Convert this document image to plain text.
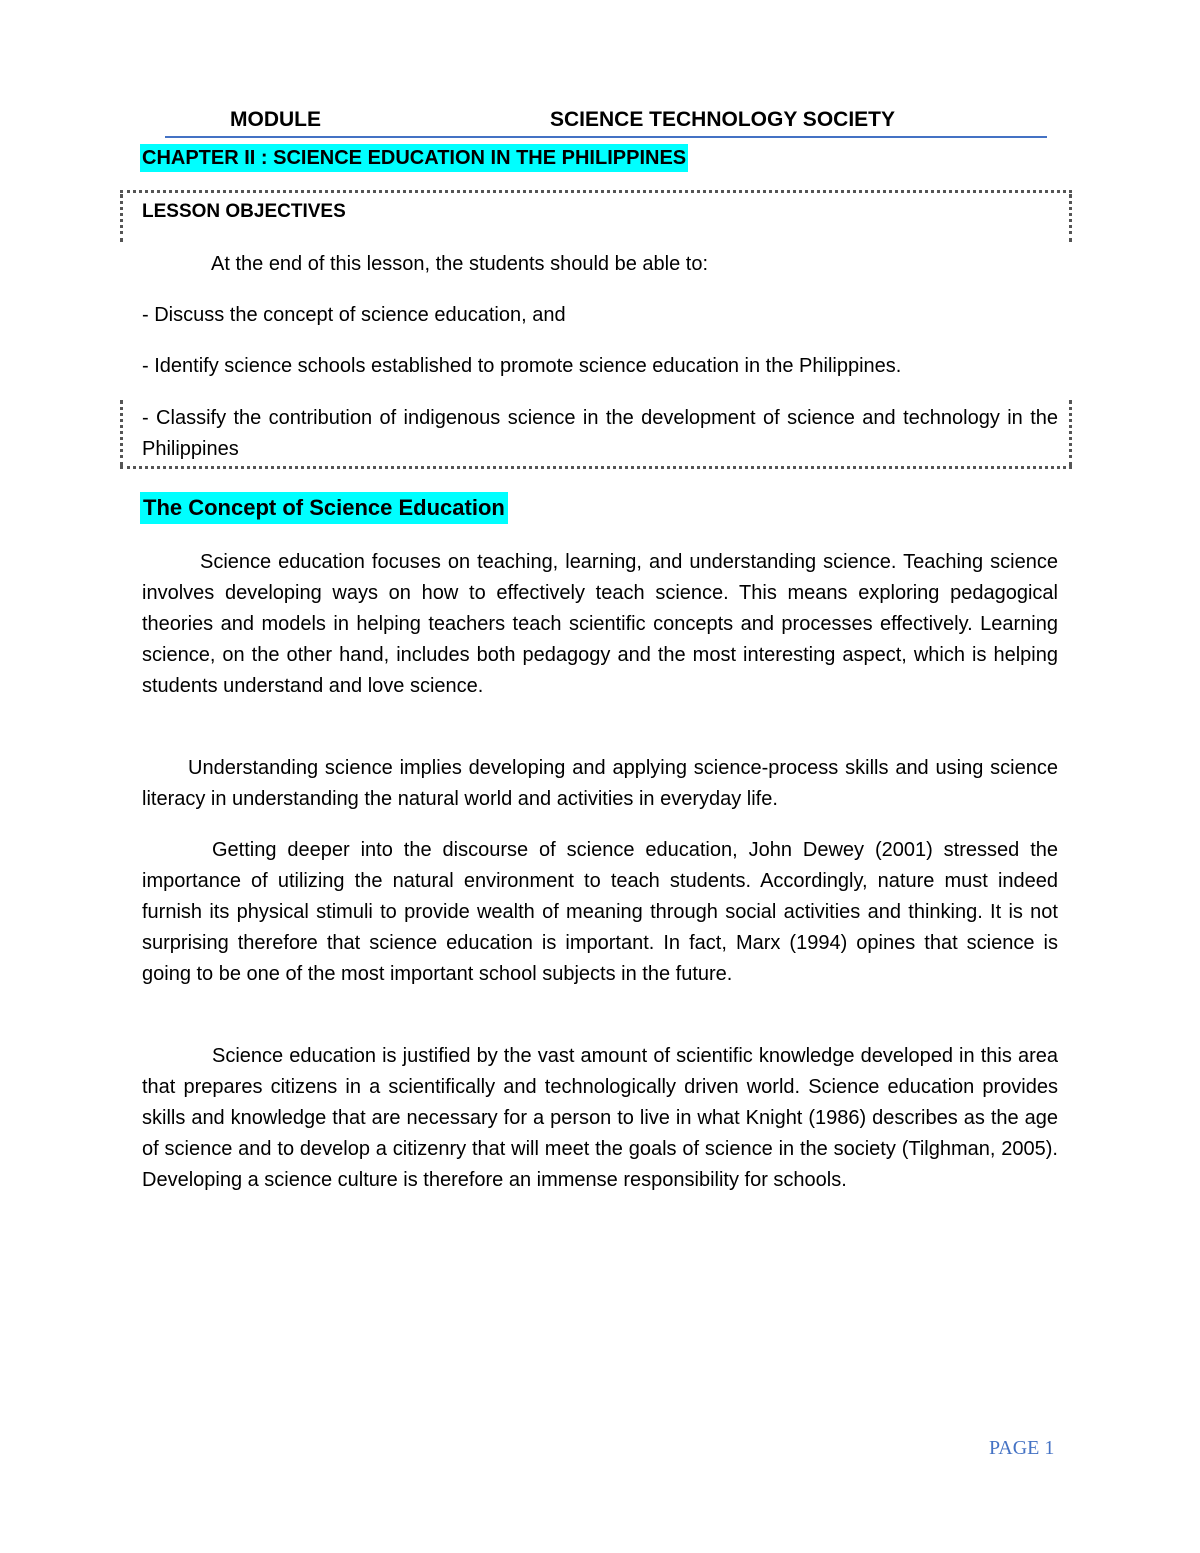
MODULE	SCIENCE TECHNOLOGY SOCIETY
CHAPTER II : SCIENCE EDUCATION IN THE PHILIPPINES
LESSON OBJECTIVES
At the end of this lesson, the students should be able to:
- Discuss the concept of science education, and
- Identify science schools established to promote science education in the Philippines.
- Classify the contribution of indigenous science in the development of science and technology in the Philippines
The Concept of Science Education
Science education focuses on teaching, learning, and understanding science. Teaching science involves developing ways on how to effectively teach science. This means exploring pedagogical theories and models in helping teachers teach scientific concepts and processes effectively. Learning science, on the other hand, includes both pedagogy and the most interesting aspect, which is helping students understand and love science.
Understanding science implies developing and applying science-process skills and using science literacy in understanding the natural world and activities in everyday life.
Getting deeper into the discourse of science education, John Dewey (2001) stressed the importance of utilizing the natural environment to teach students. Accordingly, nature must indeed furnish its physical stimuli to provide wealth of meaning through social activities and thinking. It is not surprising therefore that science education is important. In fact, Marx (1994) opines that science is going to be one of the most important school subjects in the future.
Science education is justified by the vast amount of scientific knowledge developed in this area that prepares citizens in a scientifically and technologically driven world. Science education provides skills and knowledge that are necessary for a person to live in what Knight (1986) describes as the age of science and to develop a citizenry that will meet the goals of science in the society (Tilghman, 2005). Developing a science culture is therefore an immense responsibility for schools.
PAGE 1
